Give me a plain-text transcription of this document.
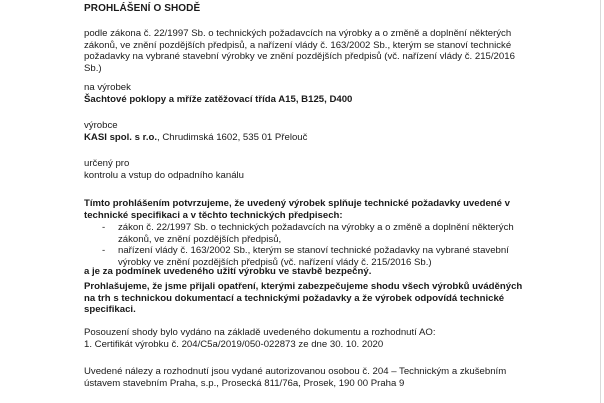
PROHLÁŠENÍ O SHODĚ
podle zákona č. 22/1997 Sb. o technických požadavcích na výrobky a o změně a doplnění některých zákonů, ve znění pozdějších předpisů, a nařízení vlády č. 163/2002 Sb., kterým se stanoví technické požadavky na vybrané stavební výrobky ve znění pozdějších předpisů (vč. nařízení vlády č. 215/2016 Sb.)
na výrobek
Šachtové poklopy a mříže zatěžovací třída A15, B125, D400
výrobce
KASI spol. s r.o., Chrudimská 1602, 535 01 Přelouč
určený pro
kontrolu a vstup do odpadního kanálu
Tímto prohlášením potvrzujeme, že uvedený výrobek splňuje technické požadavky uvedené v technické specifikaci a v těchto technických předpisech:
- zákon č. 22/1997 Sb. o technických požadavcích na výrobky a o změně a doplnění některých zákonů, ve znění pozdějších předpisů,
- nařízení vlády č. 163/2002 Sb., kterým se stanoví technické požadavky na vybrané stavební výrobky ve znění pozdějších předpisů (vč. nařízení vlády č. 215/2016 Sb.)
a je za podmínek uvedeného užití výrobku ve stavbě bezpečný.
Prohlašujeme, že jsme přijali opatření, kterými zabezpečujeme shodu všech výrobků uváděných na trh s technickou dokumentací a technickými požadavky a že výrobek odpovídá technické specifikaci.
Posouzení shody bylo vydáno na základě uvedeného dokumentu a rozhodnutí AO:
1. Certifikát výrobku č. 204/C5a/2019/050-022873 ze dne 30. 10. 2020
Uvedené nálezy a rozhodnutí jsou vydané autorizovanou osobou č. 204 – Technickým a zkušebním ústavem stavebním Praha, s.p., Prosecká 811/76a, Prosek, 190 00 Praha 9
